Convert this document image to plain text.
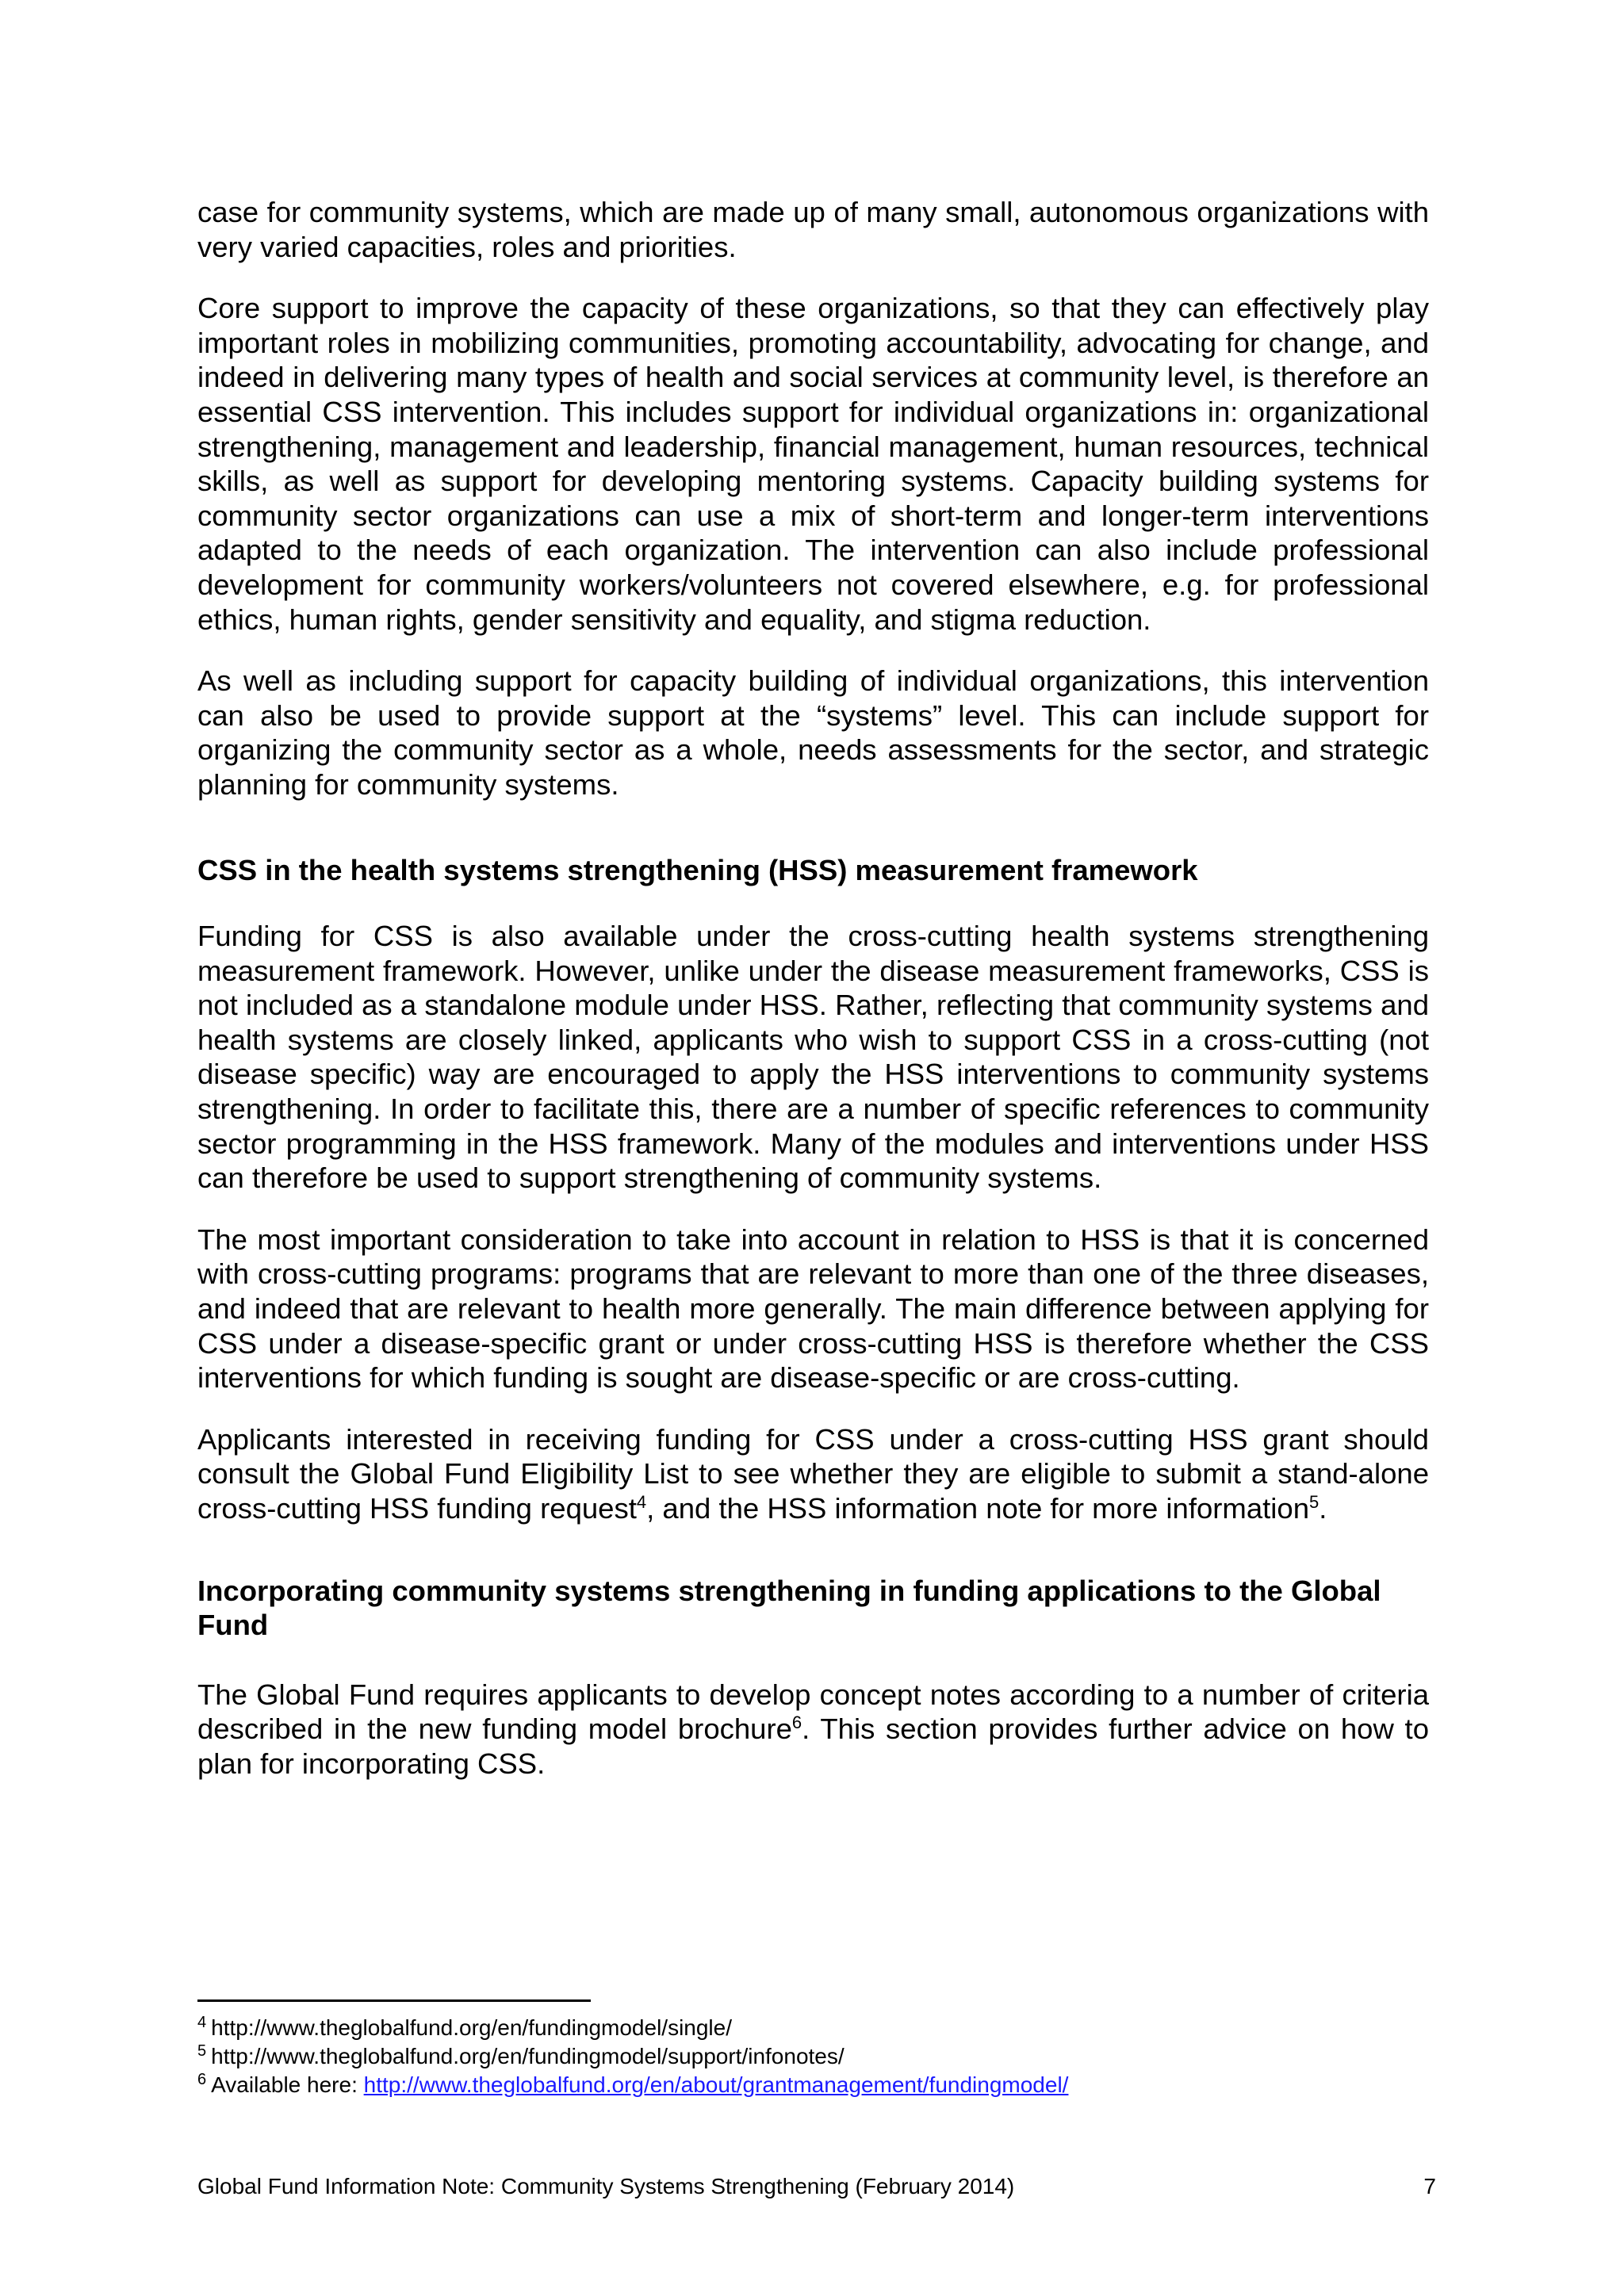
case for community systems, which are made up of many small, autonomous organizations with very varied capacities, roles and priorities.

Core support to improve the capacity of these organizations, so that they can effectively play important roles in mobilizing communities, promoting accountability, advocating for change, and indeed in delivering many types of health and social services at community level, is therefore an essential CSS intervention. This includes support for individual organizations in: organizational strengthening, management and leadership, financial management, human resources, technical skills, as well as support for developing mentoring systems. Capacity building systems for community sector organizations can use a mix of short-term and longer-term interventions adapted to the needs of each organization. The intervention can also include professional development for community workers/volunteers not covered elsewhere, e.g. for professional ethics, human rights, gender sensitivity and equality, and stigma reduction.

As well as including support for capacity building of individual organizations, this intervention can also be used to provide support at the “systems” level. This can include support for organizing the community sector as a whole, needs assessments for the sector, and strategic planning for community systems.

CSS in the health systems strengthening (HSS) measurement framework

Funding for CSS is also available under the cross-cutting health systems strengthening measurement framework. However, unlike under the disease measurement frameworks, CSS is not included as a standalone module under HSS. Rather, reflecting that community systems and health systems are closely linked, applicants who wish to support CSS in a cross-cutting (not disease specific) way are encouraged to apply the HSS interventions to community systems strengthening. In order to facilitate this, there are a number of specific references to community sector programming in the HSS framework. Many of the modules and interventions under HSS can therefore be used to support strengthening of community systems.

The most important consideration to take into account in relation to HSS is that it is concerned with cross-cutting programs: programs that are relevant to more than one of the three diseases, and indeed that are relevant to health more generally. The main difference between applying for CSS under a disease-specific grant or under cross-cutting HSS is therefore whether the CSS interventions for which funding is sought are disease-specific or are cross-cutting.

Applicants interested in receiving funding for CSS under a cross-cutting HSS grant should consult the Global Fund Eligibility List to see whether they are eligible to submit a stand-alone cross-cutting HSS funding request$^4$, and the HSS information note for more information$^5$.

Incorporating community systems strengthening in funding applications to the Global Fund

The Global Fund requires applicants to develop concept notes according to a number of criteria described in the new funding model brochure$^6$. This section provides further advice on how to plan for incorporating CSS.

$^4$ http://www.theglobalfund.org/en/fundingmodel/single/

$^5$ http://www.theglobalfund.org/en/fundingmodel/support/infonotes/

$^6$ Available here: http://www.theglobalfund.org/en/about/grantmanagement/fundingmodel/

Global Fund Information Note: Community Systems Strengthening (February 2014)	7
